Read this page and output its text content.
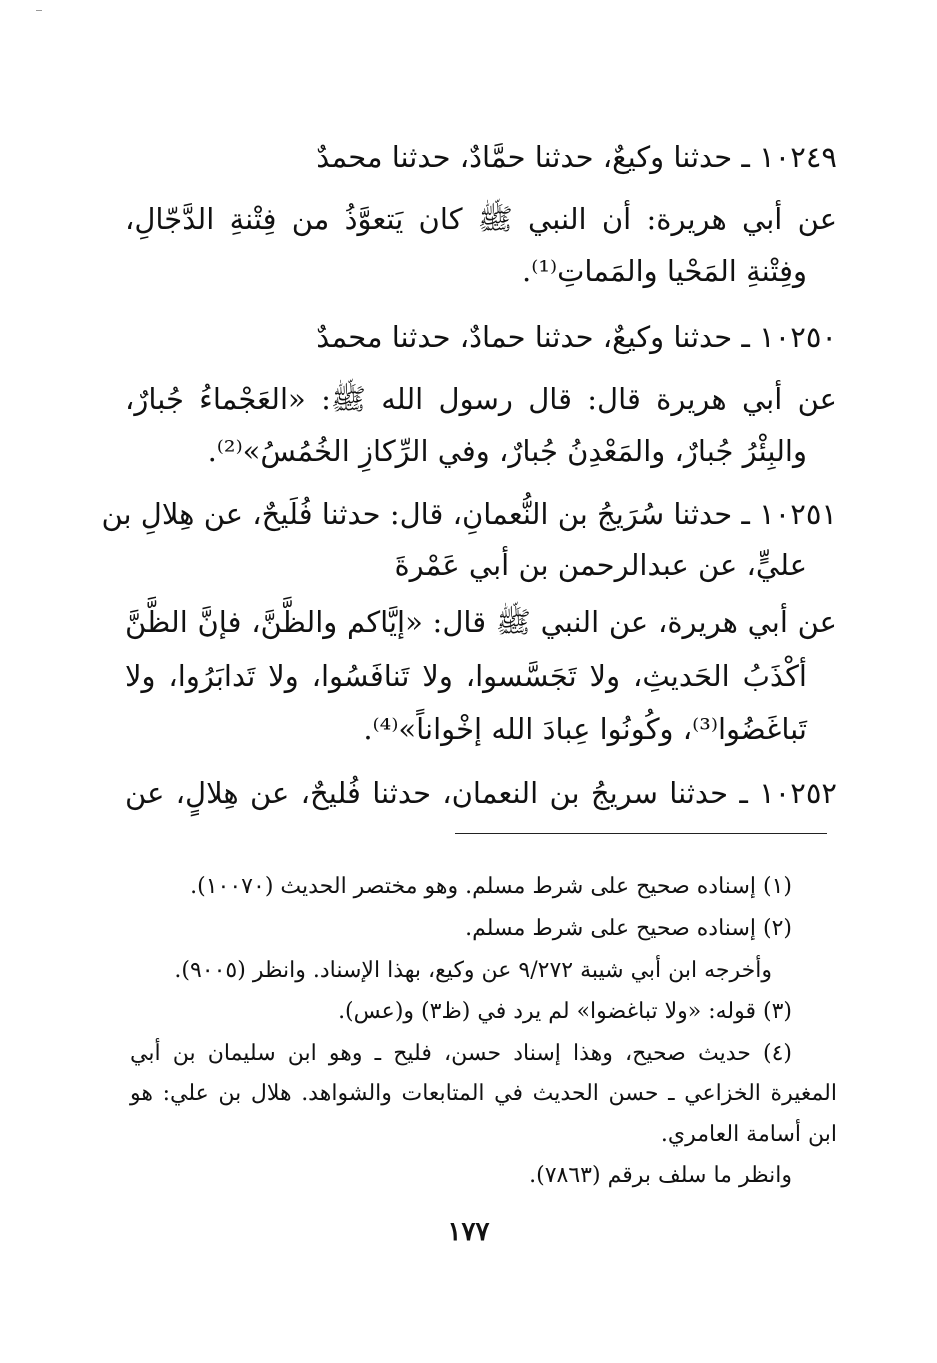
١٠٢٤٩ ـ حدثنا وكيعٌ، حدثنا حمَّادٌ، حدثنا محمدٌ
عن أبي هريرة: أن النبي ﷺ كان يَتعوَّذُ من فِتْنةِ الدَّجّالِ،
وفِتْنةِ المَحْيا والمَماتِ⁽¹⁾.
١٠٢٥٠ ـ حدثنا وكيعٌ، حدثنا حمادٌ، حدثنا محمدٌ
عن أبي هريرة قال: قال رسول الله ﷺ: «العَجْماءُ جُبارٌ،
والبِئْرُ جُبارٌ، والمَعْدِنُ جُبارٌ، وفي الرِّكازِ الخُمُسُ»⁽²⁾.
١٠٢٥١ ـ حدثنا سُرَيجُ بن النُّعمانِ، قال: حدثنا فُلَيحٌ، عن هِلالِ بن
عليٍّ، عن عبدالرحمن بن أبي عَمْرةَ
عن أبي هريرة، عن النبي ﷺ قال: «إيَّاكم والظَّنَّ، فإنَّ الظَّنَّ
أكْذَبُ الحَديثِ، ولا تَجَسَّسوا، ولا تَنافَسُوا، ولا تَدابَرُوا، ولا
تَباغَضُوا⁽³⁾، وكُونُوا عِبادَ الله إخْواناً»⁽⁴⁾.
١٠٢٥٢ ـ حدثنا سريجُ بن النعمان، حدثنا فُليحٌ، عن هِلالٍ، عن
(١) إسناده صحيح على شرط مسلم. وهو مختصر الحديث (١٠٠٧٠).
(٢) إسناده صحيح على شرط مسلم.
وأخرجه ابن أبي شيبة ٩/٢٧٢ عن وكيع، بهذا الإسناد. وانظر (٩٠٠٥).
(٣) قوله: «ولا تباغضوا» لم يرد في (ظ٣) و(عس).
(٤) حديث صحيح، وهذا إسناد حسن، فليح ـ وهو ابن سليمان بن أبي
المغيرة الخزاعي ـ حسن الحديث في المتابعات والشواهد. هلال بن علي: هو
ابن أسامة العامري.
وانظر ما سلف برقم (٧٨٦٣).
١٧٧
